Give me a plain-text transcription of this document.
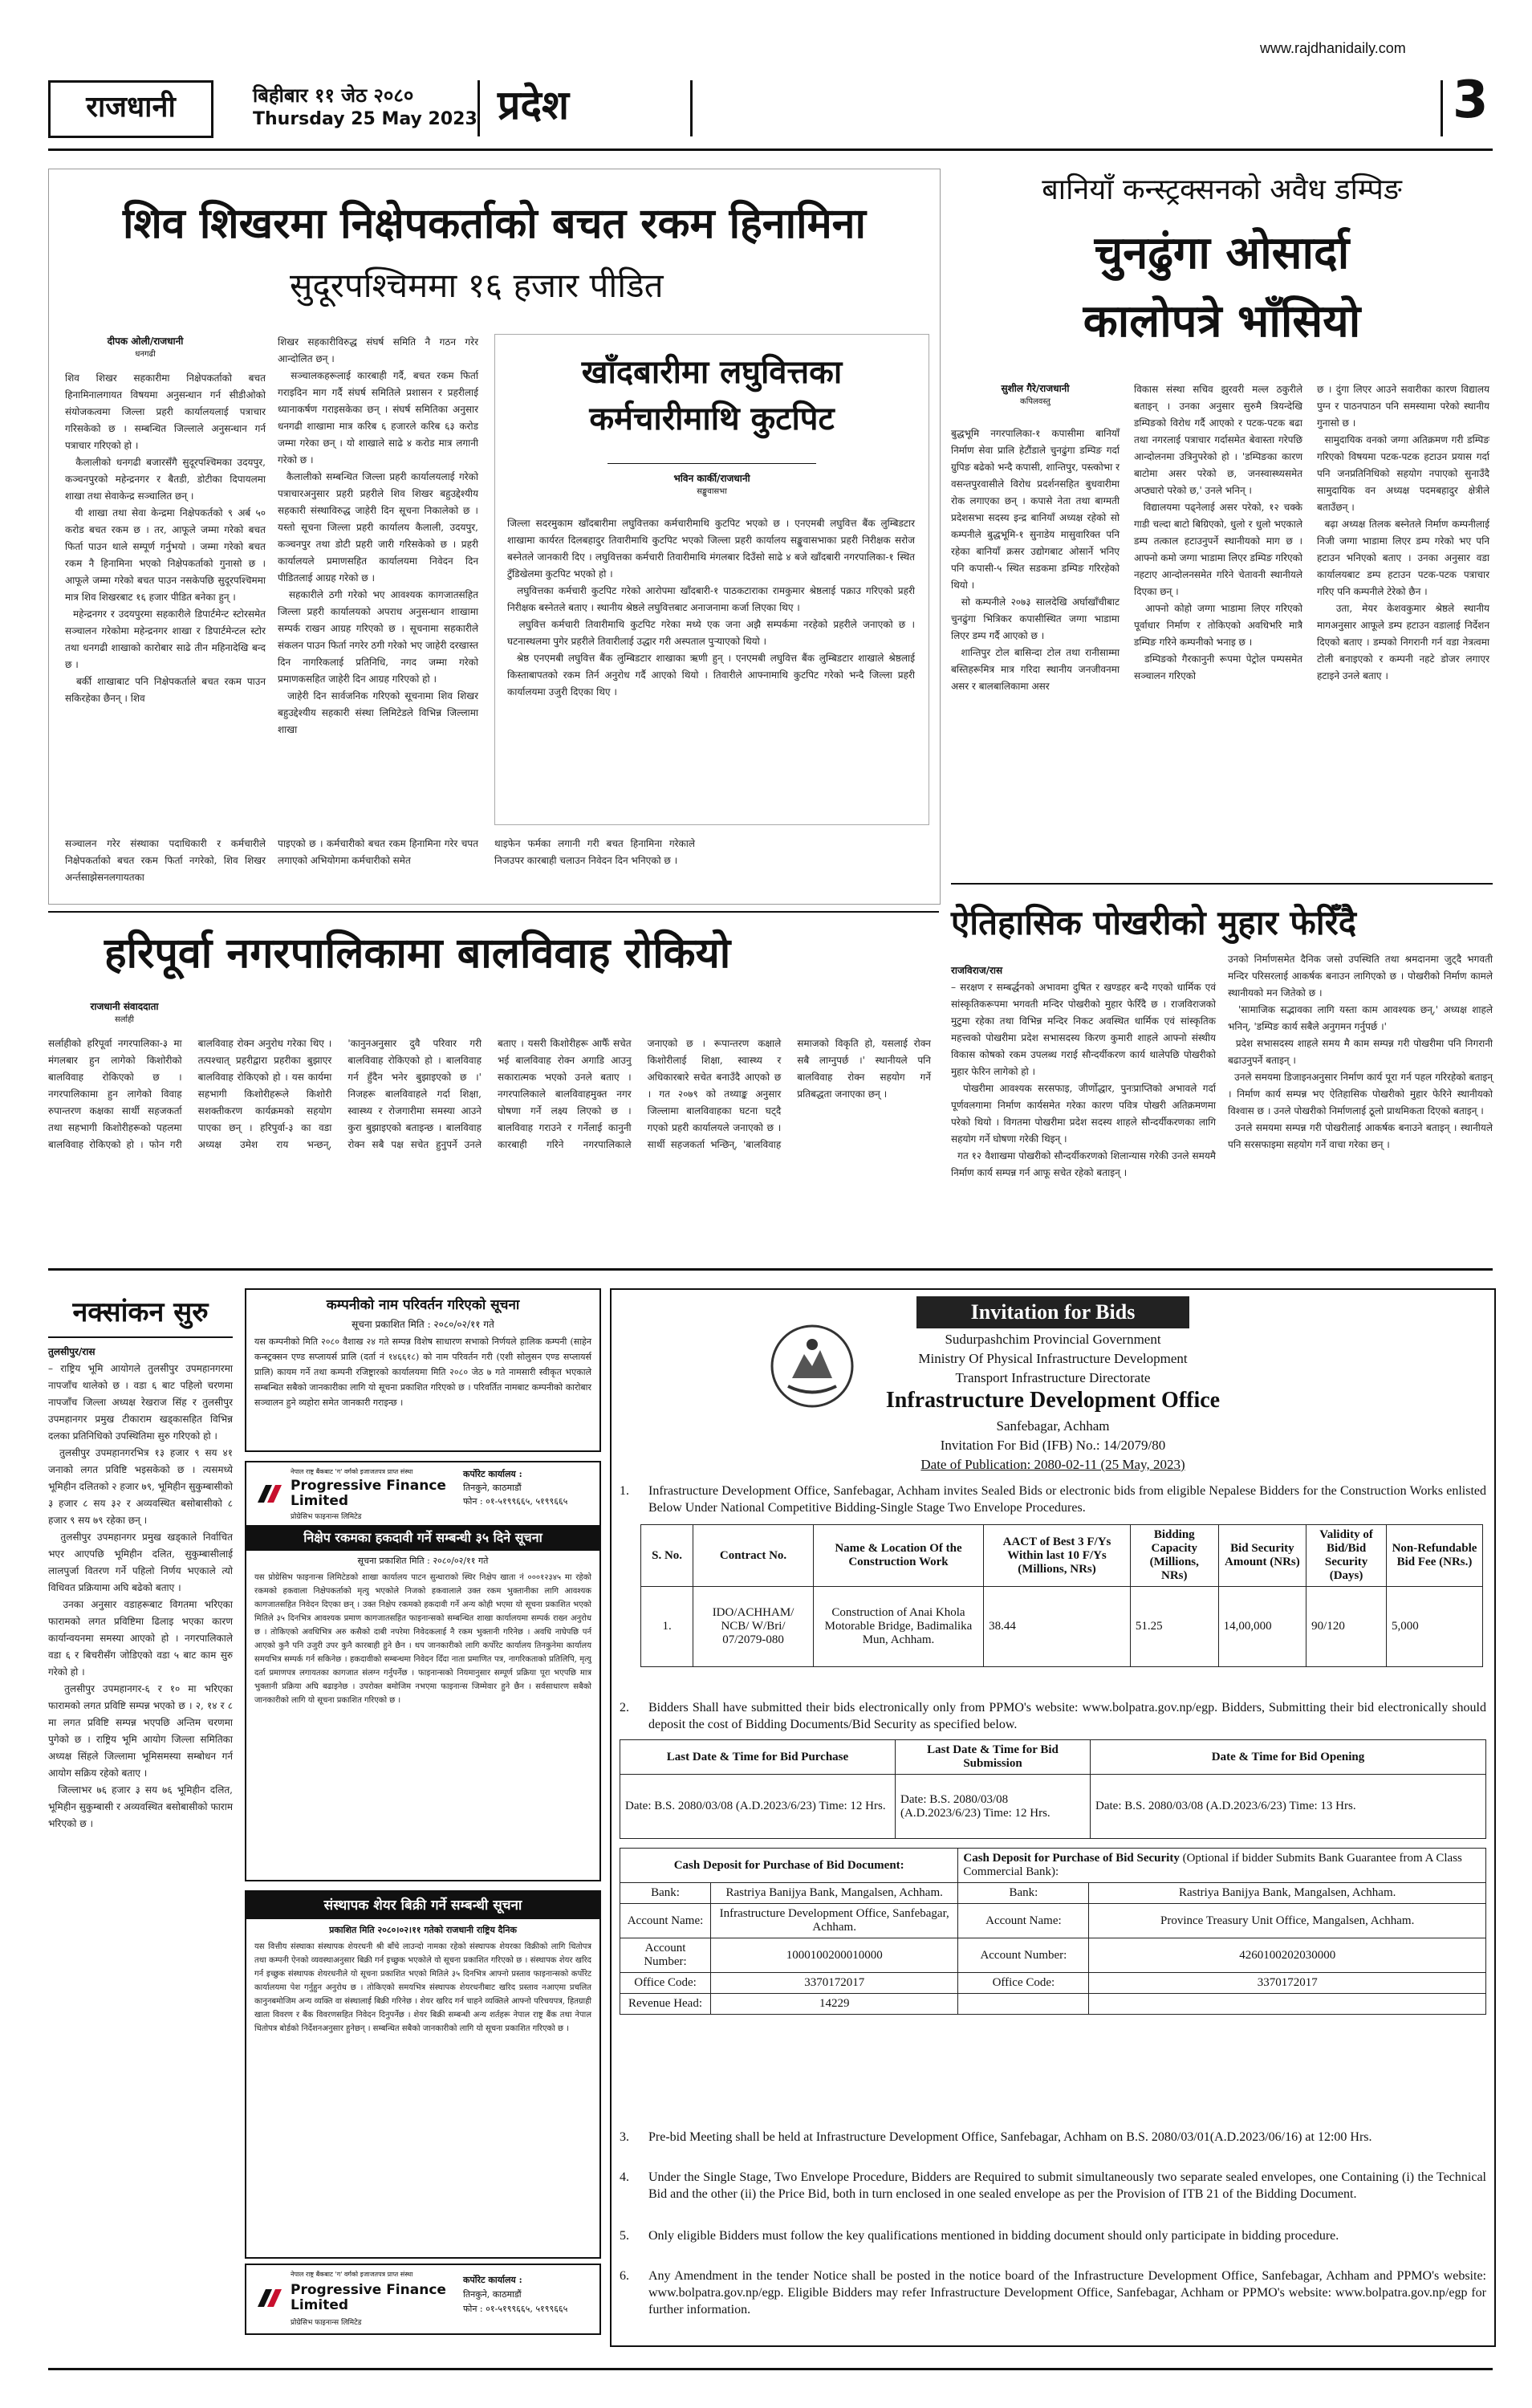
राजधानी	बिहीबार ११ जेठ २०८०
Thursday 25 May 2023 प्रदेश
www.rajdhanidaily.com
3
शिव शिखरमा निक्षेपकर्ताको बचत रकम हिनामिना
सुदूरपश्चिममा १६ हजार पीडित
दीपक ओली/राजधानी
धनगढी
शिव शिखर सहकारीमा निक्षेपकर्ताको बचत हिनामिनालगायत विषयमा अनुसन्धान गर्न सीडीओको संयोजकत्वमा जिल्ला प्रहरी कार्यालयलाई पत्राचार गरिसकेको छ । सम्बन्धित जिल्लाले अनुसन्धान गर्न पत्राचार गरिएको हो ।
कैलालीको धनगढी बजारसँगै सुदूरपश्चिमका उदयपुर, कञ्चनपुरको महेन्द्रनगर र बैतडी, डोटीका दिपायलमा शाखा तथा सेवाकेन्द्र सञ्चालित छन् ।
यी शाखा तथा सेवा केन्द्रमा निक्षेपकर्तको ९ अर्ब ५० करोड बचत रकम छ । तर, आफूले जम्मा गरेको बचत फिर्ता पाउन थाले सम्पूर्ण गर्नुभयो । जम्मा गरेको बचत रकम नै हिनामिना भएको निक्षेपकर्ताको गुनासो छ । आफूले जम्मा गरेको बचत पाउन नसकेपछि सुदूरपश्चिममा मात्र शिव शिखरबाट १६ हजार पीडित बनेका हुन् ।
महेन्द्रनगर र उदयपुरमा सहकारीले डिपार्टमेन्ट स्टोरसमेत सञ्चालन गरेकोमा महेन्द्रनगर शाखा र डिपार्टमेन्टल स्टोर तथा धनगढी शाखाको कारोबार साढे तीन महिनादेखि बन्द छ ।
बर्की शाखाबाट पनि निक्षेपकर्ताले बचत रकम पाउन सकिरहेका छैनन् । शिव
शिखर सहकारीविरुद्ध संघर्ष समिति नै गठन गरेर आन्दोलित छन् ।
सञ्चालकहरूलाई कारबाही गर्दै, बचत रकम फिर्ता गराइदिन माग गर्दै संघर्ष समितिले प्रशासन र प्रहरीलाई ध्यानाकर्षण गराइसकेका छन् । संघर्ष समितिका अनुसार धनगढी शाखामा मात्र करिब ६ हजारले करिब ६३ करोड जम्मा गरेका छन् । यो शाखाले साढे ४ करोड मात्र लगानी गरेको छ ।
कैलालीको सम्बन्धित जिल्ला प्रहरी कार्यालयलाई गरेको पत्राचारअनुसार प्रहरी प्रहरीले शिव शिखर बहुउद्देश्यीय सहकारी संस्थाविरुद्ध जाहेरी दिन सूचना निकालेको छ । यस्तो सूचना जिल्ला प्रहरी कार्यालय कैलाली, उदयपुर, कञ्चनपुर तथा डोटी प्रहरी जारी गरिसकेको छ । प्रहरी कार्यालयले प्रमाणसहित कार्यालयमा निवेदन दिन पीडितलाई आग्रह गरेको छ ।
सहकारीले ठगी गरेको भए आवश्यक कागजातसहित जिल्ला प्रहरी कार्यालयको अपराध अनुसन्धान शाखामा सम्पर्क राखन आग्रह गरिएको छ । सूचनामा सहकारीले संकलन पाउन फिर्ता नगरेर ठगी गरेको भए जाहेरी दरखास्त दिन नागरिकलाई प्रतिनिधि, नगद जम्मा गरेको प्रमाणकसहित जाहेरी दिन आग्रह गरिएको हो ।
जाहेरी दिन सार्वजनिक गरिएको सूचनामा शिव शिखर बहुउद्देश्यीय सहकारी संस्था लिमिटेडले विभिन्न जिल्लामा शाखा
खाँदबारीमा लघुवित्तका कर्मचारीमाथि कुटपिट
भविन कार्की/राजधानी
सङ्खुवासभा
जिल्ला सदरमुकाम खाँदबारीमा लघुवित्तका कर्मचारीमाथि कुटपिट भएको छ । एनएमबी लघुवित्त बैंक लुम्बिडटार शाखामा कार्यरत दिलबहादुर तिवारीमाथि कुटपिट भएको जिल्ला प्रहरी कार्यालय सङ्खुवासभाका प्रहरी निरीक्षक सरोज बस्नेतले जानकारी दिए । लघुवित्तका कर्मचारी तिवारीमाथि मंगलबार दिउँसो साढे ४ बजे खाँदबारी नगरपालिका-१ स्थित टुँडिखेलमा कुटपिट भएको हो ।
लघुवित्तका कर्मचारी कुटपिट गरेको आरोपमा खाँदबारी-१ पाठकटाराका रामकुमार श्रेष्ठलाई पक्राउ गरिएको प्रहरी निरीक्षक बस्नेतले बताए । स्थानीय श्रेष्ठले लघुवित्तबाट अनाजनामा कर्जा लिएका थिए ।
लघुवित्त कर्मचारी तिवारीमाथि कुटपिट गरेका मध्ये एक जना अझै सम्पर्कमा नरहेको प्रहरीले जनाएको छ । घटनास्थलमा पुगेर प्रहरीले तिवारीलाई उद्धार गरी अस्पताल पुर्‍याएको थियो ।
श्रेष्ठ एनएमबी लघुवित्त बैंक लुम्बिडटार शाखाका ऋणी हुन् । एनएमबी लघुवित्त बैंक लुम्बिडटार शाखाले श्रेष्ठलाई किस्ताबापतको रकम तिर्न अनुरोध गर्दै आएको थियो । तिवारीले आफ्नामाथि कुटपिट गरेको भन्दै जिल्ला प्रहरी कार्यालयमा उजुरी दिएका थिए ।
सञ्चालन गरेर संस्थाका पदाधिकारी र कर्मचारीले निक्षेपकर्ताको बचत रकम फिर्ता नगरेको, शिव शिखर अर्न्तसाझेसनलगायतका
पाइएको छ । कर्मचारीको बचत रकम हिनामिना गरेर चपत लगाएको अभियोगमा कर्मचारीको समेत
थाइफेन फर्मका लगानी गरी बचत हिनामिना गरेकाले निजउपर कारबाही चलाउन निवेदन दिन भनिएको छ ।
बानियाँ कन्स्ट्रक्सनको अवैध डम्पिङ
चुनढुंगा ओसार्दा
कालोपत्रे भाँसियो
सुशील गैरे/राजधानी
कपिलवस्तु
बुद्धभूमि नगरपालिका-१ कपासीमा बानियाँ निर्माण सेवा प्रालि हेटौंडाले चुनढुंगा डम्पिङ गर्दा ग्रुपिङ बढेको भन्दै कपासी, शान्तिपुर, पस्त्कोभा र वसन्तपुरवासीले विरोध प्रदर्शनसहित बुधवारीमा रोक लगाएका छन् । कपासे नेता तथा बाग्मती प्रदेशसभा सदस्य इन्द्र बानियाँ अध्यक्ष रहेको सो कम्पनीले बुद्धभूमि-१ सुनाडेय मासुवारिक्त पनि रहेका बानियाँ क्रसर उद्योगबाट ओसार्ने भनिए पनि कपासी-५ स्थित सडकमा डम्पिङ गरिरहेको थियो ।
सो कम्पनीले २०७३ सालदेखि अर्घाखाँचीबाट चुनढुंगा भित्रिकर कपासीस्थित जग्गा भाडामा लिएर डम्प गर्दै आएको छ ।
शान्तिपुर टोल बासिन्दा टोल तथा रानीसाम्मा बस्तिहरूमित्र मात्र गरिदा स्थानीय जनजीवनमा असर र बालबालिकामा असर
विकास संस्था सचिव झुरवरी मल्ल ठकुरीले बताइन् । उनका अनुसार सुरुमै त्रियन्देखि डम्पिङको विरोध गर्दै आएको र पटक-पटक बढा तथा नगरलाई पत्राचार गर्दासमेत बेवास्ता गरेपछि आन्दोलनमा उत्रिनुपरेको हो । 'डम्पिङका कारण बाटोमा असर परेको छ, जनस्वास्थ्यसमेत अप्ठ्यारो परेको छ,' उनले भनिन् ।
विद्यालयमा पढ्नेलाई असर परेको, १२ चक्के गाडी चल्दा बाटो बिग्रिएको, धुलो र धुलो भएकाले डम्प तत्काल हटाउनुपर्ने स्थानीयको माग छ । आफ्नो कमो जग्गा भाडामा लिएर डम्पिङ गरिएको नहटाए आन्दोलनसमेत गरिने चेतावनी स्थानीयले दिएका छन् ।
आफ्नो कोहो जग्गा भाडामा लिएर गरिएको पूर्वाधार निर्माण र तोकिएको अवधिभरि मात्रै डम्पिङ गरिने कम्पनीको भनाइ छ ।
डम्पिङको गैरकानुनी रूपमा पेट्रोल पम्पसमेत सञ्चालन गरिएको
छ । दुंगा लिएर आउने सवारीका कारण विद्यालय पुग्न र पाठनपाठन पनि समस्यामा परेको स्थानीय गुनासो छ ।
सामुदायिक वनको जग्गा अतिक्रमण गरी डम्पिङ गरिएको विषयमा पटक-पटक हटाउन प्रयास गर्दा पनि जनप्रतिनिधिको सहयोग नपाएको सुनाउँदै सामुदायिक वन अध्यक्ष पदमबहादुर क्षेत्रीले बताउँछन् ।
बढ़ा अध्यक्ष तिलक बस्नेतले निर्माण कम्पनीलाई निजी जग्गा भाडामा लिएर डम्प गरेको भए पनि हटाउन भनिएको बताए । उनका अनुसार वडा कार्यालयबाट डम्प हटाउन पटक-पटक पत्राचार गरिए पनि कम्पनीले टेरेको छैन ।
उता, मेयर केशवकुमार श्रेष्ठले स्थानीय मागअनुसार आफूले डम्प हटाउन वडालाई निर्देशन दिएको बताए । डम्पको निगरानी गर्न वडा नेत्रत्वमा टोली बनाइएको र कम्पनी नहटे डोजर लगाएर हटाइने उनले बताए ।
ऐतिहासिक पोखरीको मुहार फेरिँदै
राजविराज/रास
– सरक्षण र सम्बर्द्धनको अभावमा दुषित र खण्डहर बन्दै गएको धार्मिक एवं सांस्कृतिकरूपमा भगवती मन्दिर पोखरीको मुहार फेरिँदै छ । राजविराजको मुटुमा रहेका तथा विभिन्न मन्दिर निकट अवस्थित धार्मिक एवं सांस्कृतिक महत्त्वको पोखरीमा प्रदेश सभासदस्य किरण कुमारी शाहले आफ्नो संस्थीय विकास कोषको रकम उपलब्ध गराई सौन्दर्यीकरण कार्य थालेपछि पोखरीको मुहार फेरिन लागेको हो ।
पोखरीमा आवश्यक सरसफाइ, जीर्णोद्धार, पुनःप्राप्तिको अभावले गर्दा पूर्णवलगामा निर्माण कार्यसमेत गरेका कारण पवित्र पोखरी अतिक्रमणमा परेको थियो । विगतमा पोखरीमा प्रदेश सदस्य शाहले सौन्दर्यीकरणका लागि सहयोग गर्ने घोषणा गरेकी थिइन् ।
गत १२ वैशाखमा पोखरीको सौन्दर्यीकरणको शिलान्यास गरेकी उनले समयमै निर्माण कार्य सम्पन्न गर्न आफू सचेत रहेको बताइन् ।
उनको निर्माणसमेत दैनिक जसो उपस्थिति तथा श्रमदानमा जुट्दै भगवती मन्दिर परिसरलाई आकर्षक बनाउन लागिएको छ । पोखरीको निर्माण कामले स्थानीयको मन जितेको छ ।
'सामाजिक सद्भावका लागि यस्ता काम आवश्यक छन्,' अध्यक्ष शाहले भनिन्, 'डम्पिङ कार्य सबैले अनुगमन गर्नुपर्छ ।'
प्रदेश सभासदस्य शाहले समय मै काम सम्पन्न गरी पोखरीमा पनि निगरानी बढाउनुपर्ने बताइन् ।
उनले समयमा डिजाइनअनुसार निर्माण कार्य पूरा गर्न पहल गरिरहेको बताइन् । निर्माण कार्य सम्पन्न भए ऐतिहासिक पोखरीको मुहार फेरिने स्थानीयको विश्वास छ । उनले पोखरीको निर्माणलाई ठूलो प्राथमिकता दिएको बताइन् ।
उनले समयमा सम्पन्न गरी पोखरीलाई आकर्षक बनाउने बताइन् । स्थानीयले पनि सरसफाइमा सहयोग गर्ने वाचा गरेका छन् ।
हरिपूर्वा नगरपालिकामा बालविवाह रोकियो
राजधानी संवाददाता
सर्लाही
सर्लाहीको हरिपूर्वा नगरपालिका-३ मा मंगलबार हुन लागेको किशोरीको बालविवाह रोकिएको छ । नगरपालिकामा हुन लागेको विवाह रुपान्तरण कक्षका सार्थी सहजकर्ता तथा सहभागी किशोरीहरूको पहलमा बालविवाह रोकिएको हो । फोन गरी बालविवाह रोक्न अनुरोध गरेका थिए । तत्पश्चात् प्रहरीद्वारा प्रहरीका बुझाएर बालविवाह रोकिएको हो । यस कार्यमा सहभागी किशोरीहरूले किशोरी सशक्तीकरण कार्यक्रमको सहयोग पाएका छन् । हरिपुर्वा-३ का वडा अध्यक्ष उमेश राय भन्छन्, 'कानुनअनुसार दुवै परिवार गरी बालविवाह रोकिएको हो । बालविवाह गर्न हुँदैन भनेर बुझाइएको छ ।' निजहरू बालविवाहले गर्दा शिक्षा, स्वास्थ्य र रोजगारीमा समस्या आउने कुरा बुझाइएको बताइन्छ । बालविवाह रोक्न सबै पक्ष सचेत हुनुपर्ने उनले बताए । यसरी किशोरीहरू आफैँ सचेत भई बालविवाह रोक्न अगाडि आउनु सकारात्मक भएको उनले बताए । नगरपालिकाले बालविवाहमुक्त नगर घोषणा गर्ने लक्ष्य लिएको छ । बालविवाह गराउने र गर्नेलाई कानुनी कारबाही गरिने नगरपालिकाले जनाएको छ । रूपान्तरण कक्षाले किशोरीलाई शिक्षा, स्वास्थ्य र अधिकारबारे सचेत बनाउँदै आएको छ । गत २०७९ को तथ्याङ्क अनुसार जिल्लामा बालविवाहका घटना घट्दै गएको प्रहरी कार्यालयले जनाएको छ । सार्थी सहजकर्ता भन्छिन्, 'बालविवाह समाजको विकृति हो, यसलाई रोक्न सबै लाग्नुपर्छ ।' स्थानीयले पनि बालविवाह रोक्न सहयोग गर्ने प्रतिबद्धता जनाएका छन् ।
नक्सांकन सुरु
तुलसीपुर/रास
– राष्ट्रिय भूमि आयोगले तुलसीपुर उपमहानगरमा नापजाँच थालेको छ । वडा ६ बाट पहिलो चरणमा नापजाँच जिल्ला अध्यक्ष रेखराज सिंह र तुलसीपुर उपमहानगर प्रमुख टीकाराम खड्कासहित विभिन्न दलका प्रतिनिधिको उपस्थितिमा सुरु गरिएको हो ।
तुलसीपुर उपमहानगरभित्र १३ हजार ९ सय ४१ जनाको लगत प्रविष्टि भइसकेको छ । त्यसमध्ये भूमिहीन दलितको २ हजार ७९, भूमिहीन सुकुम्बासीको ३ हजार ८ सय ३२ र अव्यवस्थित बसोबासीको ८ हजार ९ सय ७९ रहेका छन् ।
तुलसीपुर उपमहानगर प्रमुख खड्काले निर्वाचित भएर आएपछि भूमिहीन दलित, सुकुम्बासीलाई लालपुर्जा वितरण गर्ने पहिलो निर्णय भएकाले त्यो विधिवत प्रक्रियामा अघि बढेको बताए ।
उनका अनुसार वडाहरूबाट विगतमा भरिएका फारामको लगत प्रविष्टिमा ढिलाइ भएका कारण कार्यान्वयनमा समस्या आएको हो । नगरपालिकाले वडा ६ र बिचरीसँग जोडिएको वडा ५ बाट काम सुरु गरेको हो ।
तुलसीपुर उपमहानगर-६ र १० मा भरिएका फारामको लगत प्रविष्टि सम्पन्न भएको छ । २, १४ र ८ मा लगत प्रविष्टि सम्पन्न भएपछि अन्तिम चरणमा पुगेको छ । राष्ट्रिय भूमि आयोग जिल्ला समितिका अध्यक्ष सिंहले जिल्लामा भूमिसमस्या सम्बोधन गर्न आयोग सक्रिय रहेको बताए ।
जिल्लाभर ७६ हजार ३ सय ७६ भूमिहीन दलित, भूमिहीन सुकुम्बासी र अव्यवस्थित बसोबासीको फाराम भरिएको छ ।
कम्पनीको नाम परिवर्तन गरिएको सूचना
सूचना प्रकाशित मिति : २०८०/०२/११ गते
यस कम्पनीको मिति २०८० वैशाख २४ गते सम्पन्न विशेष साधारण सभाको निर्णयले हालिक कम्पनी (साहेन कन्स्ट्रक्सन एण्ड सप्लायर्स प्रालि (दर्ता नं १४६६१८) को नाम परिवर्तन गरी (एशी सोलुसन एण्ड सप्लायर्स प्रालि) कायम गर्ने तथा कम्पनी रजिष्ट्रारको कार्यालयमा मिति २०८० जेठ ७ गते नामसारी स्वीकृत भएकाले सम्बन्धित सबैको जानकारीका लागि यो सूचना प्रकाशित गरिएको छ । परिवर्तित नामबाट कम्पनीको कारोबार सञ्चालन हुने व्यहोरा समेत जानकारी गराइन्छ ।
नेपाल राष्ट्र बैंकबाट 'ग' वर्गको इजाजतपत्र प्राप्त संस्था
Progressive Finance Limited
प्रोग्रेसिभ फाइनान्स लिमिटेड
कर्पोरेट कार्यालय :
तिनकुने, काठमाडौं
फोन : ०१-५१९९६६५, ५१९९६६५
निक्षेप रकमका हकदावी गर्ने सम्बन्धी ३५ दिने सूचना
सूचना प्रकाशित मिति : २०८०/०२/११ गते
यस प्रोग्रेसिभ फाइनान्स लिमिटेडको शाखा कार्यालय पाटन सुन्धाराको स्थिर निक्षेप खाता नं ०००१२३४५ मा रहेको रकमको हकवाला निक्षेपकर्ताको मृत्यु भएकोले निजको हकवालाले उक्त रकम भुक्तानीका लागि आवश्यक कागजातसहित निवेदन दिएका छन् । उक्त निक्षेप रकमको हकदावी गर्ने अन्य कोही भएमा यो सूचना प्रकाशित भएको मितिले ३५ दिनभित्र आवश्यक प्रमाण कागजातसहित फाइनान्सको सम्बन्धित शाखा कार्यालयमा सम्पर्क राख्न अनुरोध छ । तोकिएको अवधिभित्र अरु कसैको दाबी नपरेमा निवेदकलाई नै रकम भुक्तानी गरिनेछ । अवधि नाघेपछि पर्न आएको कुनै पनि उजुरी उपर कुनै कारबाही हुने छैन । थप जानकारीको लागि कर्पोरेट कार्यालय तिनकुनेमा कार्यालय समयभित्र सम्पर्क गर्न सकिनेछ । हकदावीको सम्बन्धमा निवेदन दिँदा नाता प्रमाणित पत्र, नागरिकताको प्रतिलिपि, मृत्यु दर्ता प्रमाणपत्र लगायतका कागजात संलग्न गर्नुपर्नेछ । फाइनान्सको नियमानुसार सम्पूर्ण प्रक्रिया पूरा भएपछि मात्र भुक्तानी प्रक्रिया अघि बढाइनेछ । उपरोक्त बमोजिम नभएमा फाइनान्स जिम्मेवार हुने छैन । सर्वसाधारण सबैको जानकारीको लागि यो सूचना प्रकाशित गरिएको छ ।
संस्थापक शेयर बिक्री गर्ने सम्बन्धी सूचना
प्रकाशित मिति २०८०।०२।११ गतेको राजधानी राष्ट्रिय दैनिक
यस वित्तीय संस्थाका संस्थापक शेयरधनी श्री बाँचे लाउन्दो नामका रहेको संस्थापक शेयरका विक्रीको लागि धितोपत्र तथा कम्पनी ऐनको व्यवस्थाअनुसार बिक्री गर्न इच्छुक भएकोले यो सूचना प्रकाशित गरिएको छ । संस्थापक शेयर खरिद गर्न इच्छुक संस्थापक शेयरधनीले यो सूचना प्रकाशित भएको मितिले ३५ दिनभित्र आफ्नो प्रस्ताव फाइनान्सको कर्पोरेट कार्यालयमा पेश गर्नुहुन अनुरोध छ । तोकिएको समयभित्र संस्थापक शेयरधनीबाट खरिद प्रस्ताव नआएमा प्रचलित कानुनबमोजिम अन्य व्यक्ति वा संस्थालाई बिक्री गरिनेछ । शेयर खरिद गर्न चाहने व्यक्तिले आफ्नो परिचयपत्र, हितग्राही खाता विवरण र बैंक विवरणसहित निवेदन दिनुपर्नेछ । शेयर बिक्री सम्बन्धी अन्य शर्तहरू नेपाल राष्ट्र बैंक तथा नेपाल धितोपत्र बोर्डको निर्देशनअनुसार हुनेछन् । सम्बन्धित सबैको जानकारीको लागि यो सूचना प्रकाशित गरिएको छ ।
नेपाल राष्ट्र बैंकबाट 'ग' वर्गको इजाजतपत्र प्राप्त संस्था
Progressive Finance Limited
प्रोग्रेसिभ फाइनान्स लिमिटेड
कर्पोरेट कार्यालय :
तिनकुने, काठमाडौं
फोन : ०१-५१९९६६५, ५१९९६६५
Invitation for Bids
Sudurpashchim Provincial Government
Ministry Of Physical Infrastructure Development
Transport Infrastructure Directorate
Infrastructure Development Office
Sanfebagar, Achham
Invitation For Bid (IFB) No.: 14/2079/80
Date of Publication: 2080-02-11 (25 May, 2023)
1. Infrastructure Development Office, Sanfebagar, Achham invites Sealed Bids or electronic bids from eligible Nepalese Bidders for the Construction Works enlisted Below Under National Competitive Bidding-Single Stage Two Envelope Procedures.
S. No.	Contract No.	Name & Location Of the Construction Work	AACT of Best 3 F/Ys Within last 10 F/Ys (Millions, NRs)	Bidding Capacity (Millions, NRs)	Bid Security Amount (NRs)	Validity of Bid/Bid Security (Days)	Non-Refundable Bid Fee (NRs.)
1.	IDO/ACHHAM/ NCB/ W/Bri/ 07/2079-080	Construction of Anai Khola Motorable Bridge, Badimalika Mun, Achham.	38.44	51.25	14,00,000	90/120	5,000
2. Bidders Shall have submitted their bids electronically only from PPMO's website: www.bolpatra.gov.np/egp. Bidders, Submitting their bid electronically should deposit the cost of Bidding Documents/Bid Security as specified below.
Last Date & Time for Bid Purchase	Last Date & Time for Bid Submission	Date & Time for Bid Opening
Date: B.S. 2080/03/08 (A.D.2023/6/23) Time: 12 Hrs.	Date: B.S. 2080/03/08 (A.D.2023/6/23) Time: 12 Hrs.	Date: B.S. 2080/03/08 (A.D.2023/6/23) Time: 13 Hrs.
Cash Deposit for Purchase of Bid Document:		Cash Deposit for Purchase of Bid Security (Optional if bidder Submits Bank Guarantee from A Class Commercial Bank):	
Bank:	Rastriya Banijya Bank, Mangalsen, Achham.	Bank:	Rastriya Banijya Bank, Mangalsen, Achham.
Account Name:	Infrastructure Development Office, Sanfebagar, Achham.	Account Name:	Province Treasury Unit Office, Mangalsen, Achham.
Account Number:	1000100200010000	Account Number:	4260100202030000
Office Code:	3370172017	Office Code:	3370172017
Revenue Head:	14229		
3. Pre-bid Meeting shall be held at Infrastructure Development Office, Sanfebagar, Achham on B.S. 2080/03/01(A.D.2023/06/16) at 12:00 Hrs.
4. Under the Single Stage, Two Envelope Procedure, Bidders are Required to submit simultaneously two separate sealed envelopes, one Containing (i) the Technical Bid and the other (ii) the Price Bid, both in turn enclosed in one sealed envelope as per the Provision of ITB 21 of the Bidding Document.
5. Only eligible Bidders must follow the key qualifications mentioned in bidding document should only participate in bidding procedure.
6. Any Amendment in the tender Notice shall be posted in the notice board of the Infrastructure Development Office, Sanfebagar, Achham and PPMO's website: www.bolpatra.gov.np/egp. Eligible Bidders may refer Infrastructure Development Office, Sanfebagar, Achham or PPMO's website: www.bolpatra.gov.np/egp for further information.
